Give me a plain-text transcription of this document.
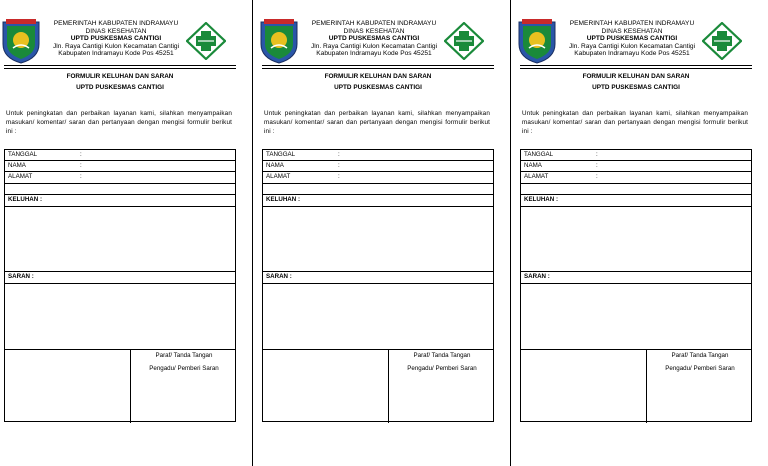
PEMERINTAH KABUPATEN INDRAMAYU
DINAS KESEHATAN
UPTD PUSKESMAS CANTIGI
Jln. Raya Cantigi Kulon Kecamatan Cantigi
Kabupaten Indramayu Kode Pos 45251
FORMULIR KELUHAN DAN SARAN
UPTD PUSKESMAS CANTIGI
Untuk peningkatan dan perbaikan layanan kami, silahkan menyampaikan masukan/ komentar/ saran dan pertanyaan dengan mengisi formulir berikut ini :
TANGGAL	:
NAMA	:
ALAMAT	:
KELUHAN :
SARAN :
Paraf/ Tanda Tangan
Pengadu/ Pemberi Saran
PEMERINTAH KABUPATEN INDRAMAYU
DINAS KESEHATAN
UPTD PUSKESMAS CANTIGI
Jln. Raya Cantigi Kulon Kecamatan Cantigi
Kabupaten Indramayu Kode Pos 45251
FORMULIR KELUHAN DAN SARAN
UPTD PUSKESMAS CANTIGI
Untuk peningkatan dan perbaikan layanan kami, silahkan menyampaikan masukan/ komentar/ saran dan pertanyaan dengan mengisi formulir berikut ini :
TANGGAL	:
NAMA	:
ALAMAT	:
KELUHAN :
SARAN :
Paraf/ Tanda Tangan
Pengadu/ Pemberi Saran
PEMERINTAH KABUPATEN INDRAMAYU
DINAS KESEHATAN
UPTD PUSKESMAS CANTIGI
Jln. Raya Cantigi Kulon Kecamatan Cantigi
Kabupaten Indramayu Kode Pos 45251
FORMULIR KELUHAN DAN SARAN
UPTD PUSKESMAS CANTIGI
Untuk peningkatan dan perbaikan layanan kami, silahkan menyampaikan masukan/ komentar/ saran dan pertanyaan dengan mengisi formulir berikut ini :
TANGGAL	:
NAMA	:
ALAMAT	:
KELUHAN :
SARAN :
Paraf/ Tanda Tangan
Pengadu/ Pemberi Saran
